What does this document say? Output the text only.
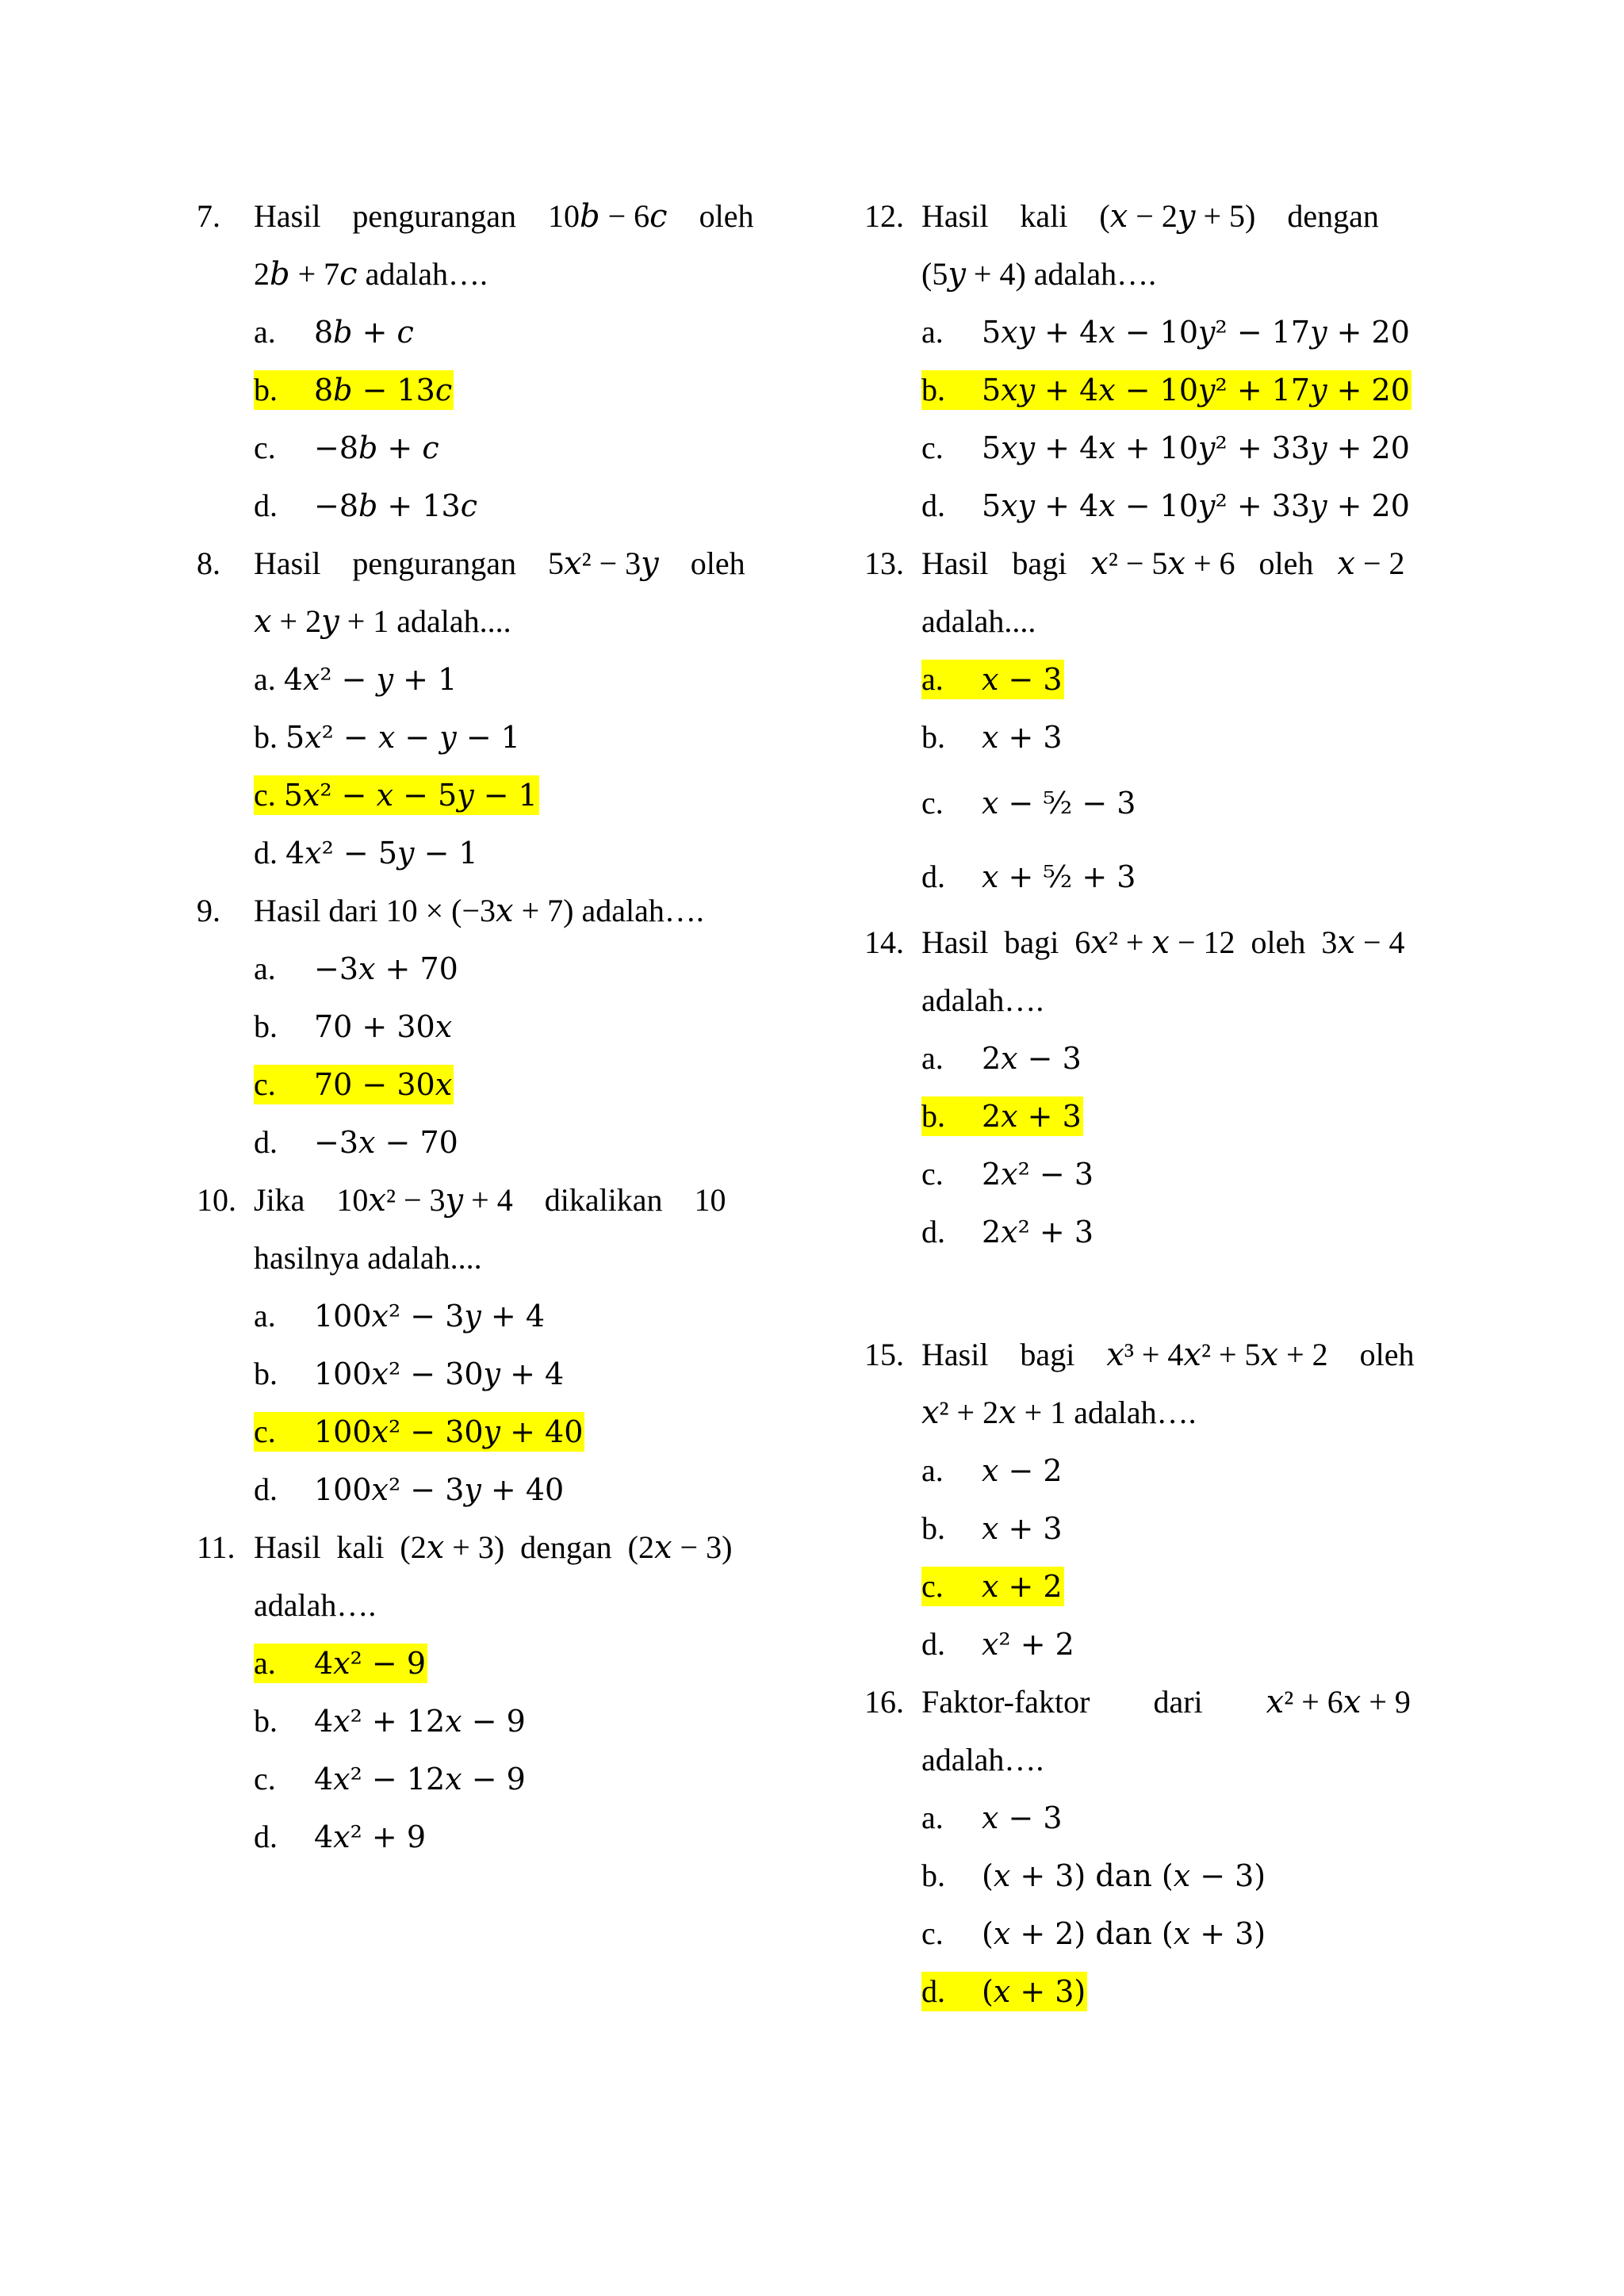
7.	Hasil    pengurangan    10𝑏 − 6𝑐    oleh
2𝑏 + 7𝑐 adalah….
a. 8𝑏 + 𝑐
b. 8𝑏 − 13𝑐
c. −8𝑏 + 𝑐
d. −8𝑏 + 13𝑐
8.	Hasil    pengurangan    5𝑥² − 3𝑦    oleh
𝑥 + 2𝑦 + 1 adalah....
a. 4𝑥² − 𝑦 + 1
b. 5𝑥² − 𝑥 − 𝑦 − 1
c. 5𝑥² − 𝑥 − 5𝑦 − 1
d. 4𝑥² − 5𝑦 − 1
9.	Hasil dari 10 × (−3𝑥 + 7) adalah….
a. −3𝑥 + 70
b. 70 + 30𝑥
c. 70 − 30𝑥
d. −3𝑥 − 70
10. Jika    10𝑥² − 3𝑦 + 4    dikalikan    10
hasilnya adalah....
a. 100𝑥² − 3𝑦 + 4
b. 100𝑥² − 30𝑦 + 4
c. 100𝑥² − 30𝑦 + 40
d. 100𝑥² − 3𝑦 + 40
11. Hasil  kali  (2𝑥 + 3)  dengan  (2𝑥 − 3)
adalah….
a. 4𝑥² − 9
b. 4𝑥² + 12𝑥 − 9
c. 4𝑥² − 12𝑥 − 9
d. 4𝑥² + 9
12. Hasil    kali    (𝑥 − 2𝑦 + 5)    dengan
(5𝑦 + 4) adalah….
a. 5𝑥𝑦 + 4𝑥 − 10𝑦² − 17𝑦 + 20
b. 5𝑥𝑦 + 4𝑥 − 10𝑦² + 17𝑦 + 20
c. 5𝑥𝑦 + 4𝑥 + 10𝑦² + 33𝑦 + 20
d. 5𝑥𝑦 + 4𝑥 − 10𝑦² + 33𝑦 + 20
13. Hasil   bagi   𝑥² − 5𝑥 + 6   oleh   𝑥 − 2
adalah....
a. 𝑥 − 3
b. 𝑥 + 3
c. 𝑥 − ⁵⁄₂ − 3
d. 𝑥 + ⁵⁄₂ + 3
14. Hasil  bagi  6𝑥² + 𝑥 − 12  oleh  3𝑥 − 4
adalah….
a. 2𝑥 − 3
b. 2𝑥 + 3
c. 2𝑥² − 3
d. 2𝑥² + 3
15. Hasil    bagi    𝑥³ + 4𝑥² + 5𝑥 + 2    oleh
𝑥² + 2𝑥 + 1 adalah….
a. 𝑥 − 2
b. 𝑥 + 3
c. 𝑥 + 2
d. 𝑥² + 2
16. Faktor-faktor        dari        𝑥² + 6𝑥 + 9
adalah….
a. 𝑥 − 3
b. (𝑥 + 3) dan (𝑥 − 3)
c. (𝑥 + 2) dan (𝑥 + 3)
d. (𝑥 + 3)
